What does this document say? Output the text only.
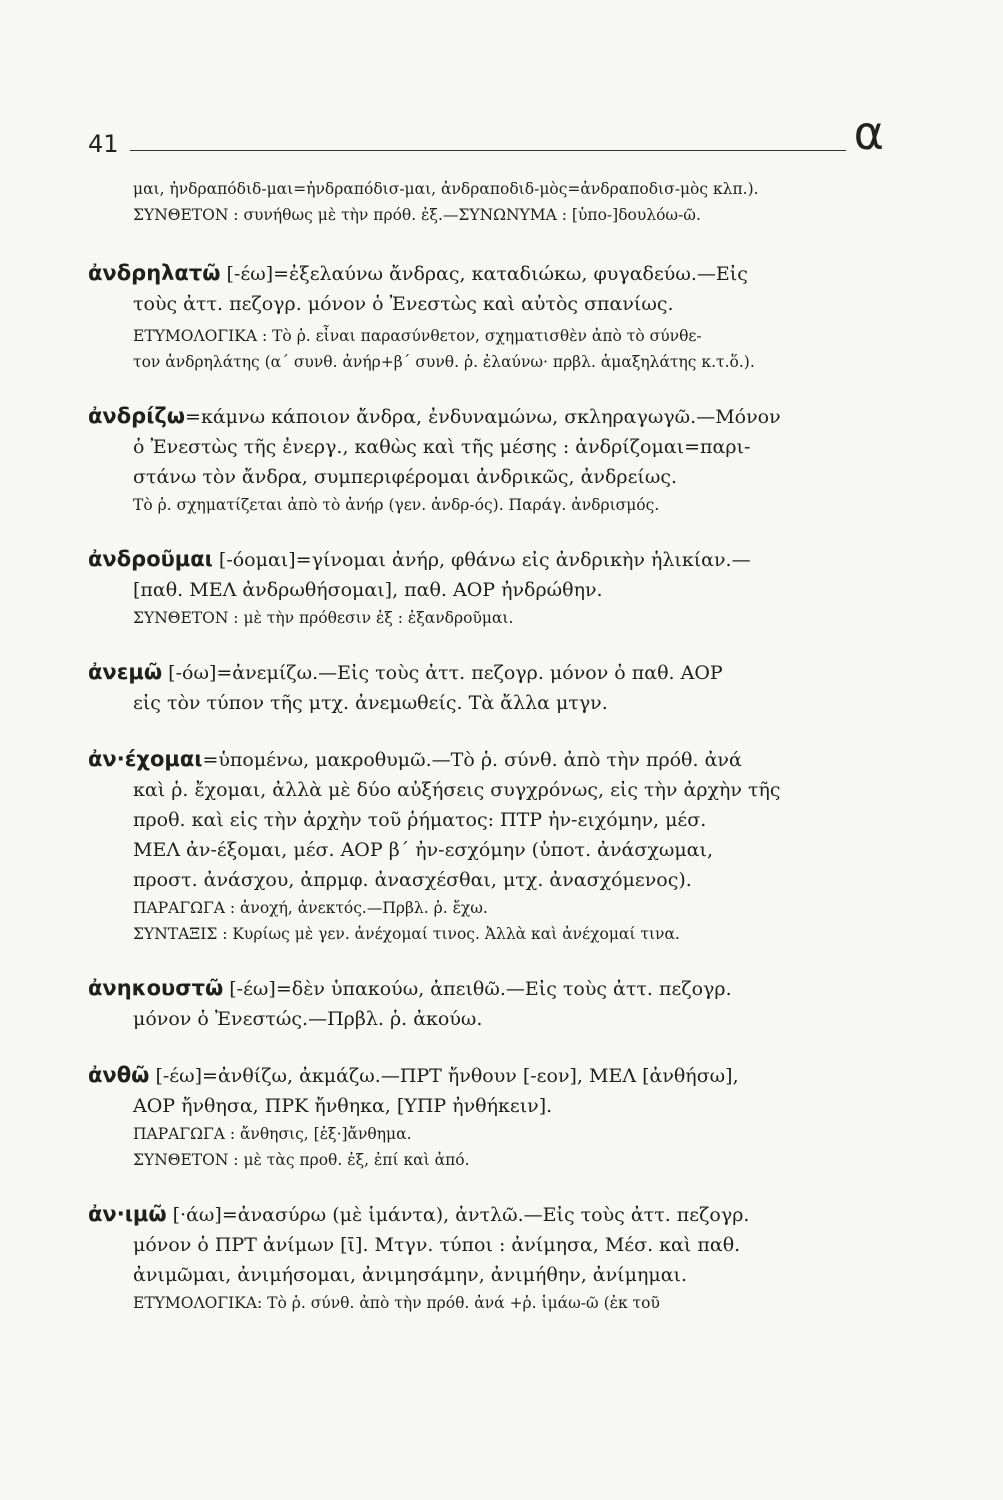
41	α

μαι, ἠνδραπόδιδ-μαι=ἠνδραπόδισ-μαι, ἀνδραποδιδ-μὸς=ἀνδραποδισ-μὸς κλπ.).

ΣΥΝΘΕΤΟΝ : συνήθως μὲ τὴν πρόθ. ἐξ.—ΣΥΝΩΝΥΜΑ : [ὑπο-]δουλόω-ῶ.

ἀνδρηλατῶ [-έω]=ἐξελαύνω ἄνδρας, καταδιώκω, φυγαδεύω.—Εἰς

τοὺς ἀττ. πεζογρ. μόνον ὁ Ἐνεστὼς καὶ αὐτὸς σπανίως.

ΕΤΥΜΟΛΟΓΙΚΑ : Τὸ ῥ. εἶναι παρασύνθετον, σχηματισθὲν ἀπὸ τὸ σύνθε-

τον ἀνδρηλάτης (α΄ συνθ. ἀνήρ+β΄ συνθ. ῥ. ἐλαύνω· πρβλ. ἁμαξηλάτης κ.τ.ὅ.).

ἀνδρίζω=κάμνω κάποιον ἄνδρα, ἐνδυναμώνω, σκληραγωγῶ.—Μόνον

ὁ Ἐνεστὼς τῆς ἐνεργ., καθὼς καὶ τῆς μέσης : ἀνδρίζομαι=παρι-

στάνω τὸν ἄνδρα, συμπεριφέρομαι ἀνδρικῶς, ἀνδρείως.

Τὸ ῥ. σχηματίζεται ἀπὸ τὸ ἀνήρ (γεν. ἀνδρ-ός). Παράγ. ἀνδρισμός.

ἀνδροῦμαι [-όομαι]=γίνομαι ἀνήρ, φθάνω εἰς ἀνδρικὴν ἡλικίαν.—

[παθ. ΜΕΛ ἀνδρωθήσομαι], παθ. ΑΟΡ ἠνδρώθην.

ΣΥΝΘΕΤΟΝ : μὲ τὴν πρόθεσιν ἐξ : ἐξανδροῦμαι.

ἀνεμῶ [-όω]=ἀνεμίζω.—Εἰς τοὺς ἀττ. πεζογρ. μόνον ὁ παθ. ΑΟΡ

εἰς τὸν τύπον τῆς μτχ. ἀνεμωθείς. Τὰ ἄλλα μτγν.

ἀν·έχομαι=ὑπομένω, μακροθυμῶ.—Τὸ ῥ. σύνθ. ἀπὸ τὴν πρόθ. ἀνά

καὶ ῥ. ἔχομαι, ἀλλὰ μὲ δύο αὐξήσεις συγχρόνως, εἰς τὴν ἀρχὴν τῆς

προθ. καὶ εἰς τὴν ἀρχὴν τοῦ ῥήματος: ΠΤΡ ἠν-ειχόμην, μέσ.

ΜΕΛ ἀν-έξομαι, μέσ. ΑΟΡ β΄ ἠν-εσχόμην (ὑποτ. ἀνάσχωμαι,

προστ. ἀνάσχου, ἀπρμφ. ἀνασχέσθαι, μτχ. ἀνασχόμενος).

ΠΑΡΑΓΩΓΑ : ἀνοχή, ἀνεκτός.—Πρβλ. ῥ. ἔχω.

ΣΥΝΤΑΞΙΣ : Κυρίως μὲ γεν. ἀνέχομαί τινος. Ἀλλὰ καὶ ἀνέχομαί τινα.

ἀνηκουστῶ [-έω]=δὲν ὑπακούω, ἀπειθῶ.—Εἰς τοὺς ἀττ. πεζογρ.

μόνον ὁ Ἐνεστώς.—Πρβλ. ῥ. ἀκούω.

ἀνθῶ [-έω]=ἀνθίζω, ἀκμάζω.—ΠΡΤ ἤνθουν [-εον], ΜΕΛ [ἀνθήσω],

ΑΟΡ ἤνθησα, ΠΡΚ ἤνθηκα, [ΥΠΡ ἠνθήκειν].

ΠΑΡΑΓΩΓΑ : ἄνθησις, [ἐξ·]ἄνθημα.

ΣΥΝΘΕΤΟΝ : μὲ τὰς προθ. ἐξ, ἐπί καὶ ἀπό.

ἀν·ιμῶ [·άω]=ἀνασύρω (μὲ ἱμάντα), ἀντλῶ.—Εἰς τοὺς ἀττ. πεζογρ.

μόνον ὁ ΠΡΤ ἀνίμων [ῑ]. Μτγν. τύποι : ἀνίμησα, Μέσ. καὶ παθ.

ἀνιμῶμαι, ἀνιμήσομαι, ἀνιμησάμην, ἀνιμήθην, ἀνίμημαι.

ΕΤΥΜΟΛΟΓΙΚΑ: Τὸ ῥ. σύνθ. ἀπὸ τὴν πρόθ. ἀνά +ῥ. ἱμάω-ῶ (ἐκ τοῦ
